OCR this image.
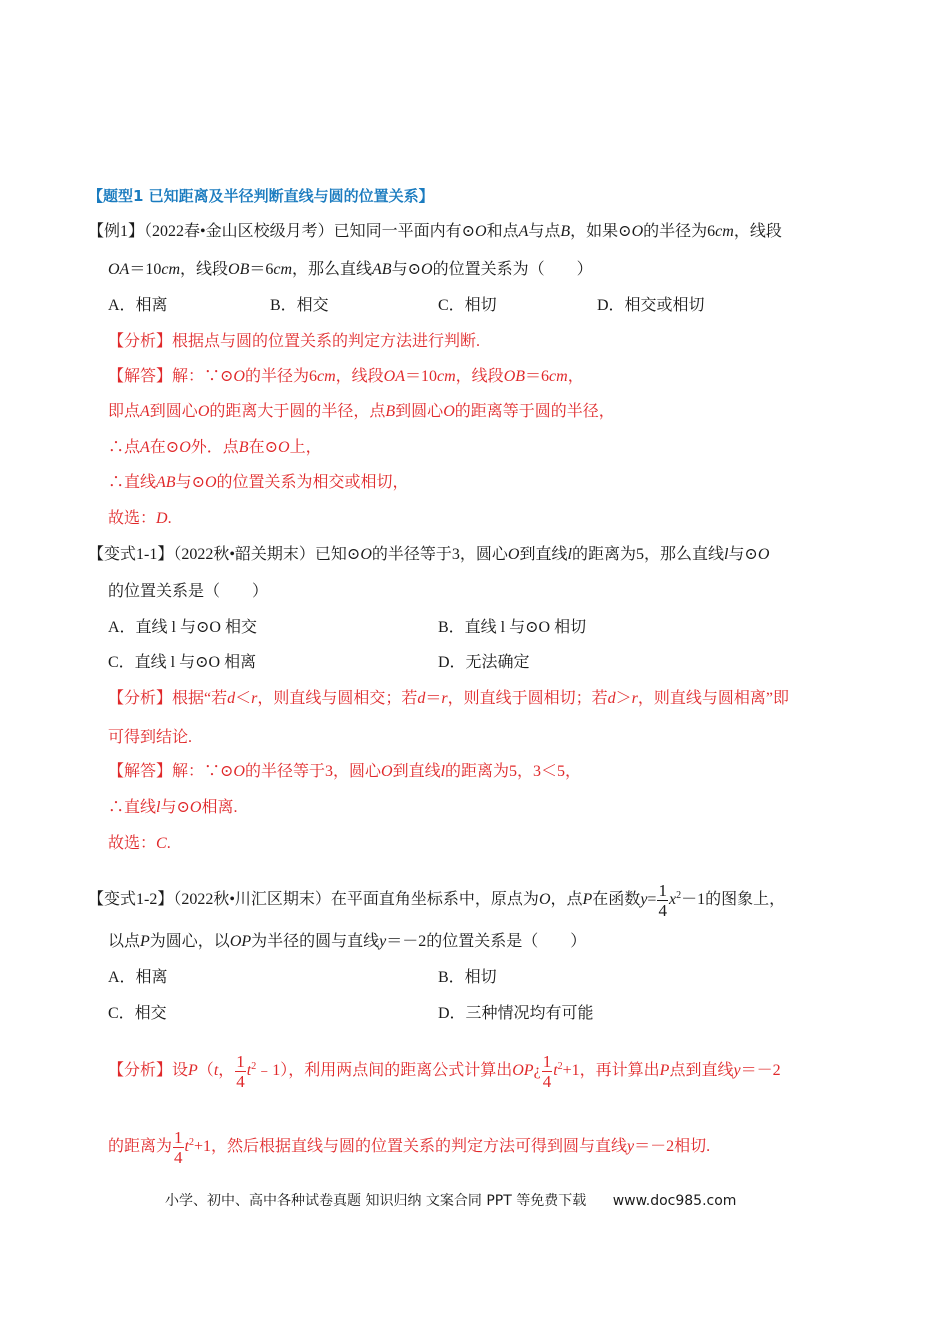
【题型1 已知距离及半径判断直线与圆的位置关系】
【例1】（2022春•金山区校级月考）已知同一平面内有⊙O和点A与点B，如果⊙O的半径为6cm，线段
OA＝10cm，线段OB＝6cm，那么直线AB与⊙O的位置关系为（　　）
A．相离	B．相交	C．相切	D．相交或相切
【分析】根据点与圆的位置关系的判定方法进行判断.
【解答】解：∵⊙O的半径为6cm，线段OA＝10cm，线段OB＝6cm，
即点A到圆心O的距离大于圆的半径，点B到圆心O的距离等于圆的半径，
∴点A在⊙O外．点B在⊙O上，
∴直线AB与⊙O的位置关系为相交或相切，
故选：D.
【变式1-1】（2022秋•韶关期末）已知⊙O的半径等于3，圆心O到直线l的距离为5，那么直线l与⊙O
的位置关系是（　　）
A．直线 l 与⊙O 相交	B．直线 l 与⊙O 相切
C．直线 l 与⊙O 相离	D．无法确定
【分析】根据“若d＜r，则直线与圆相交；若d＝r，则直线于圆相切；若d＞r，则直线与圆相离”即
可得到结论.
【解答】解：∵⊙O的半径等于3，圆心O到直线l的距离为5，3＜5，
∴直线l与⊙O相离.
故选：C.
【变式1-2】（2022秋•川汇区期末）在平面直角坐标系中，原点为O，点P在函数$y= \frac{1}{4} x^2-1$的图象上，
以点P为圆心，以OP为半径的圆与直线y＝－2的位置关系是（　　）
A．相离	B．相切
C．相交	D．三种情况均有可能
【分析】设P（t， $\frac{1}{4}$ $t^2﹣1$），利用两点间的距离公式计算出OP¿ $\frac{1}{4} t^2+1$，再计算出P点到直线y＝－2
的距离为 $\frac{1}{4} t^2+1$，然后根据直线与圆的位置关系的判定方法可得到圆与直线y＝－2相切.
小学、初中、高中各种试卷真题 知识归纳 文案合同 PPT 等免费下载 www.doc985.com
